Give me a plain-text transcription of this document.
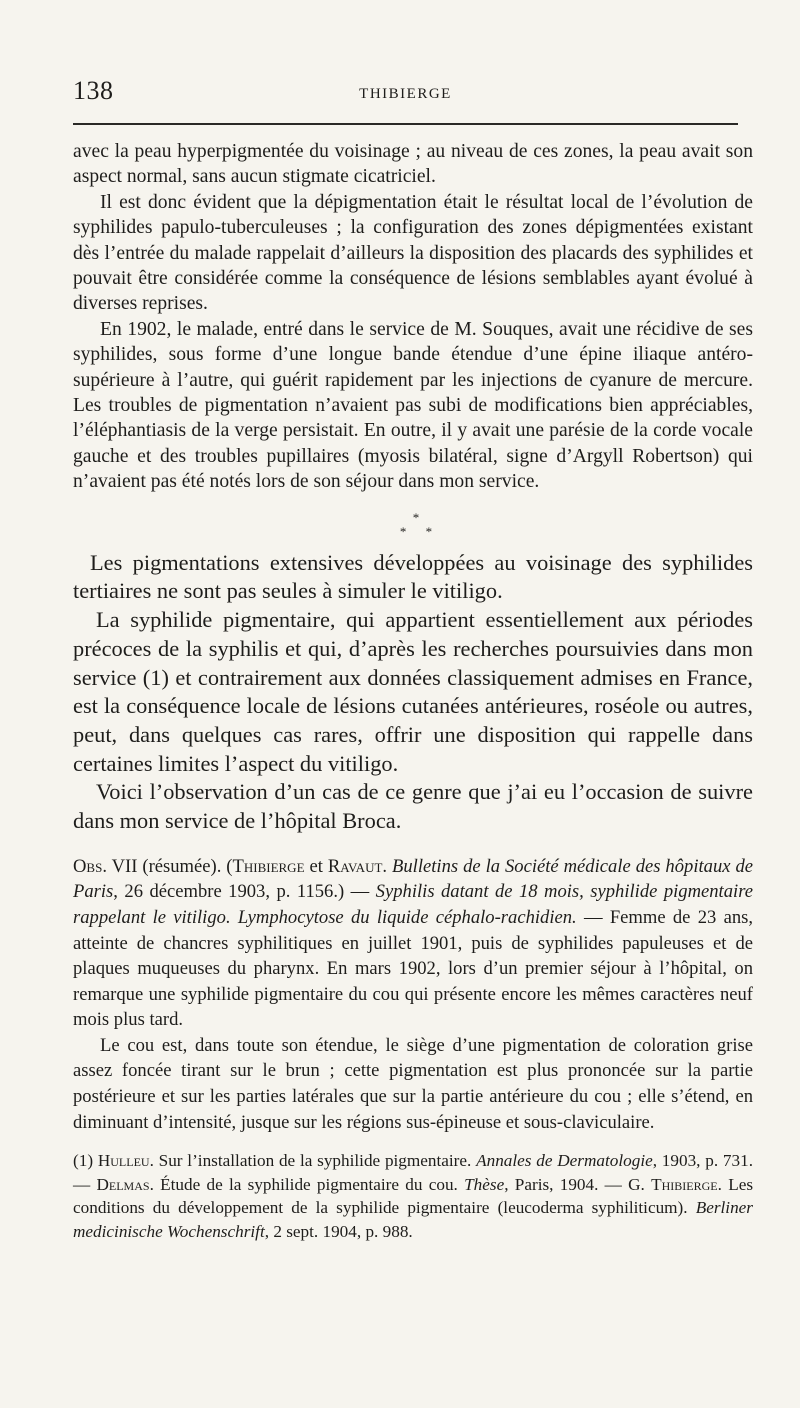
138	THIBIERGE

avec la peau hyperpigmentée du voisinage ; au niveau de ces zones, la peau avait son aspect normal, sans aucun stigmate cicatriciel.

Il est donc évident que la dépigmentation était le résultat local de l’évolution de syphilides papulo-tuberculeuses ; la configuration des zones dépigmentées existant dès l’entrée du malade rappelait d’ailleurs la disposition des placards des syphilides et pouvait être considérée comme la conséquence de lésions semblables ayant évolué à diverses reprises.

En 1902, le malade, entré dans le service de M. Souques, avait une récidive de ses syphilides, sous forme d’une longue bande étendue d’une épine iliaque antéro-supérieure à l’autre, qui guérit rapidement par les injections de cyanure de mercure. Les troubles de pigmentation n’avaient pas subi de modifications bien appréciables, l’éléphantiasis de la verge persistait. En outre, il y avait une parésie de la corde vocale gauche et des troubles pupillaires (myosis bilatéral, signe d’Argyll Robertson) qui n’avaient pas été notés lors de son séjour dans mon service.

*
* *

Les pigmentations extensives développées au voisinage des syphilides tertiaires ne sont pas seules à simuler le vitiligo.

La syphilide pigmentaire, qui appartient essentiellement aux périodes précoces de la syphilis et qui, d’après les recherches poursuivies dans mon service (1) et contrairement aux données classiquement admises en France, est la conséquence locale de lésions cutanées antérieures, roséole ou autres, peut, dans quelques cas rares, offrir une disposition qui rappelle dans certaines limites l’aspect du vitiligo.

Voici l’observation d’un cas de ce genre que j’ai eu l’occasion de suivre dans mon service de l’hôpital Broca.

Obs. VII (résumée). (Thibierge et Ravaut. Bulletins de la Société médicale des hôpitaux de Paris, 26 décembre 1903, p. 1156.) — Syphilis datant de 18 mois, syphilide pigmentaire rappelant le vitiligo. Lymphocytose du liquide céphalo-rachidien. — Femme de 23 ans, atteinte de chancres syphilitiques en juillet 1901, puis de syphilides papuleuses et de plaques muqueuses du pharynx. En mars 1902, lors d’un premier séjour à l’hôpital, on remarque une syphilide pigmentaire du cou qui présente encore les mêmes caractères neuf mois plus tard.

Le cou est, dans toute son étendue, le siège d’une pigmentation de coloration grise assez foncée tirant sur le brun ; cette pigmentation est plus prononcée sur la partie postérieure et sur les parties latérales que sur la partie antérieure du cou ; elle s’étend, en diminuant d’intensité, jusque sur les régions sus-épineuse et sous-claviculaire.

(1) Hulleu. Sur l’installation de la syphilide pigmentaire. Annales de Dermatologie, 1903, p. 731. — Delmas. Étude de la syphilide pigmentaire du cou. Thèse, Paris, 1904. — G. Thibierge. Les conditions du développement de la syphilide pigmentaire (leucoderma syphiliticum). Berliner medicinische Wochenschrift, 2 sept. 1904, p. 988.
